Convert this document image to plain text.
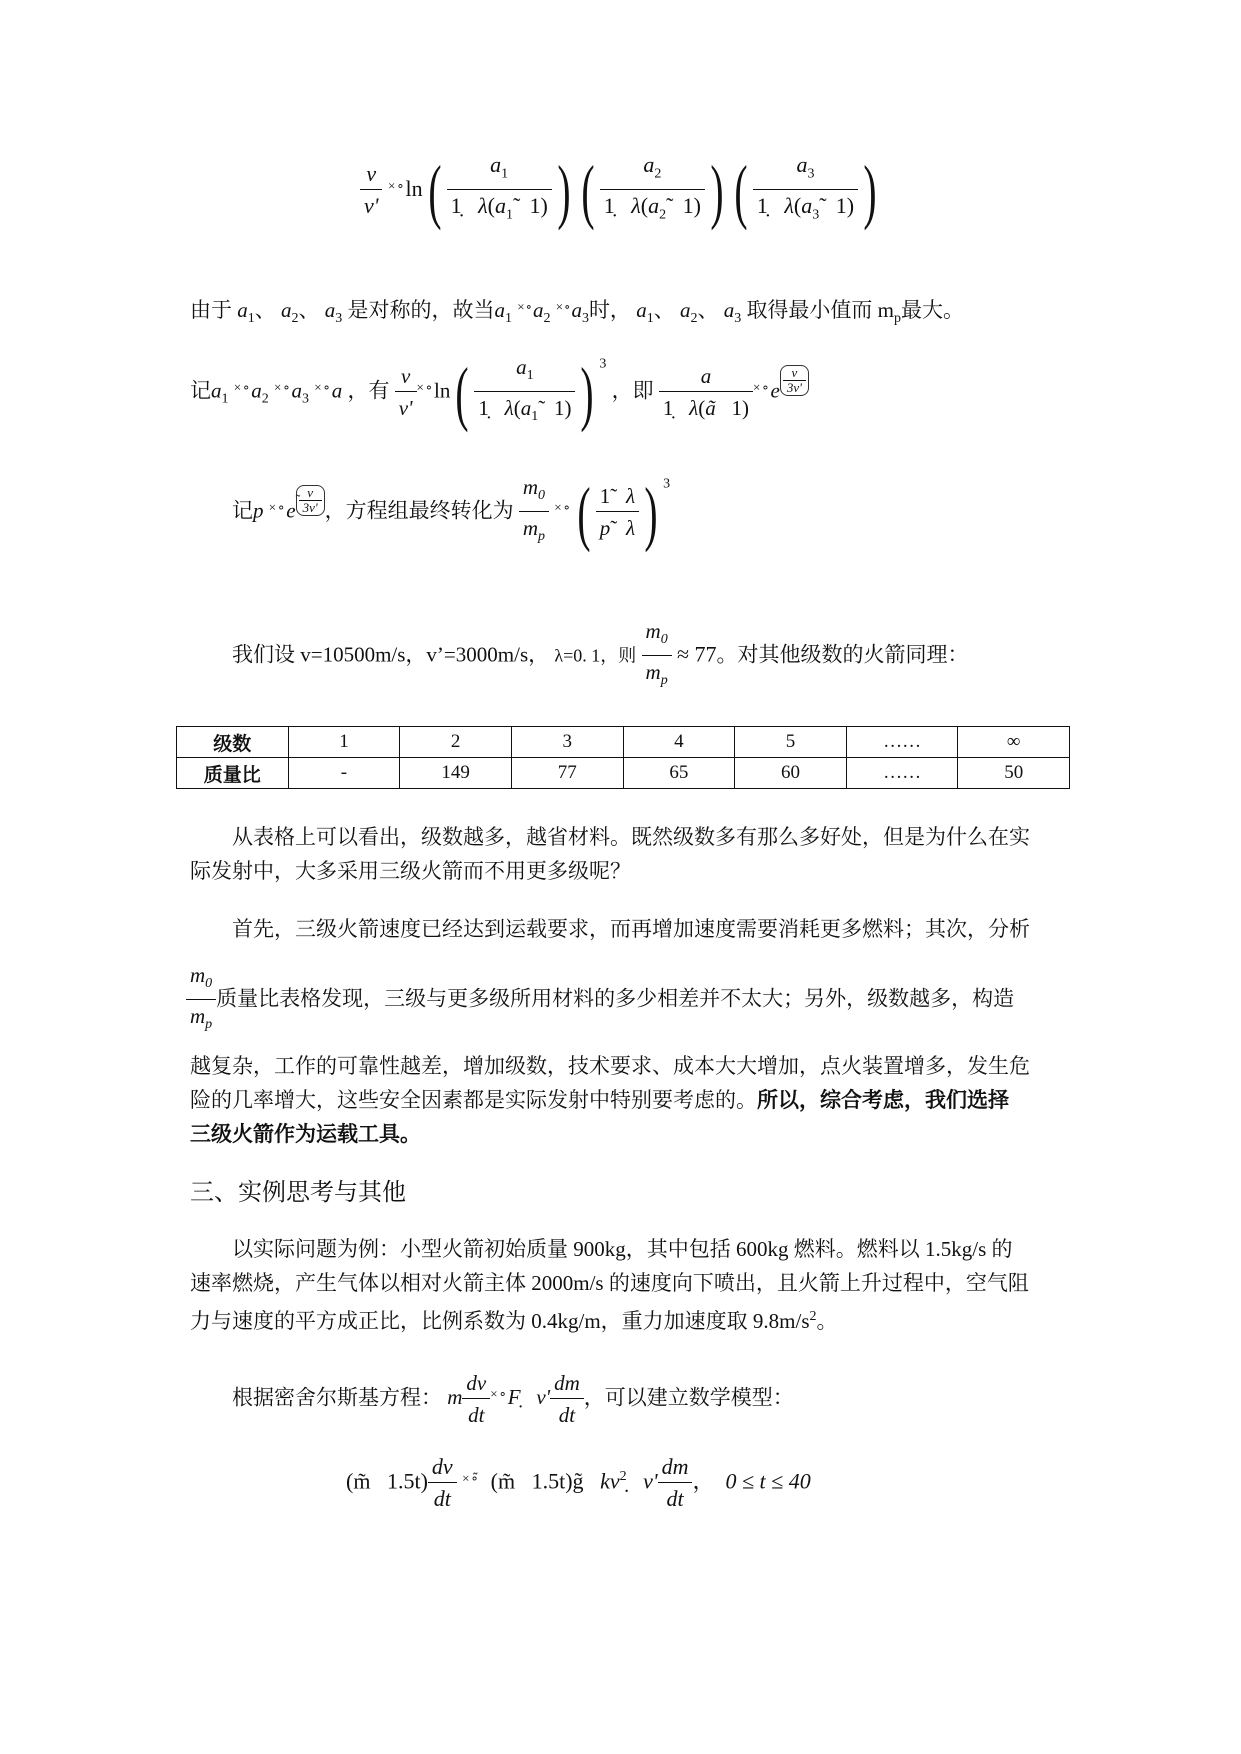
$\frac{v}{v'} ^{\times\circ}\ln( \frac{a_1}{1̣ \lambda(a_1̃ 1)}$ ) ( $\frac{a_2}{1̣ \lambda(a_2̃ 1)}$ ) ( $\frac{a_3}{1̣ \lambda(a_3̃ 1)}$ )
由于 $a_1$、 $a_2$、 $a_3$ 是对称的，故当$a_1$ $^{\times\circ}a_2$ $^{\times\circ}a_3$时， $a_1$、 $a_2$、 $a_3$ 取得最小值而 $m_p$最大。
记$a_1$ $^{\times\circ}a_2$ $^{\times\circ}a_3$ ×∘a ，有 $\frac{v}{v'} ^{\times\circ}\ln( \frac{a_1}{1̣ \lambda(a_1̃ 1)}$ ) $^3$ ，即 $\frac{a}{1̣ \lambda(ã 1)} ^{\times\circ}e$ $^{\frac{v}{3v'}}$
记p ×∘e $^{\frac{v}{3v'}}$ ，方程组最终转化为 $\frac{m_0}{m_p} ^{\times\circ}( \frac{1̃ \lambda}{p̃ \lambda}$ ) $^3$
我们设 v=10500m/s，v’=3000m/s， λ=0. 1，则 $\frac{m_0}{m_p} \approx 77$。对其他级数的火箭同理：
级数	1	2	3	4	5	……	∞
质量比	-	149	77	65	60	……	50
从表格上可以看出，级数越多，越省材料。既然级数多有那么多好处，但是为什么在实
际发射中，大多采用三级火箭而不用更多级呢？
首先，三级火箭速度已经达到运载要求，而再增加速度需要消耗更多燃料；其次，分析
$\frac{m_0}{m_p}$ 质量比表格发现，三级与更多级所用材料的多少相差并不太大；另外，级数越多，构造
越复杂，工作的可靠性越差，增加级数，技术要求、成本大大增加，点火装置增多，发生危
险的几率增大，这些安全因素都是实际发射中特别要考虑的。所以，综合考虑，我们选择
三级火箭作为运载工具。
三、实例思考与其他
以实际问题为例：小型火箭初始质量 900kg，其中包括 600kg 燃料。燃料以 1.5kg/s 的
速率燃烧，产生气体以相对火箭主体 2000m/s 的速度向下喷出，且火箭上升过程中，空气阻
力与速度的平方成正比，比例系数为 0.4kg/m，重力加速度取 $9.8m/s^2$。
根据密舍尔斯基方程： m $\frac{dv}{dt}$ ×∘F̣   $v' \frac{dm}{dt}$ ，可以建立数学模型：
(m̃   $1.5t) \frac{dv}{dt} ^{\times\circ̃}$ (m̃   1.5t)g̃   $kv^2̣$   $v' \frac{dm}{dt}$ ， 0 ≤ t ≤ 40
